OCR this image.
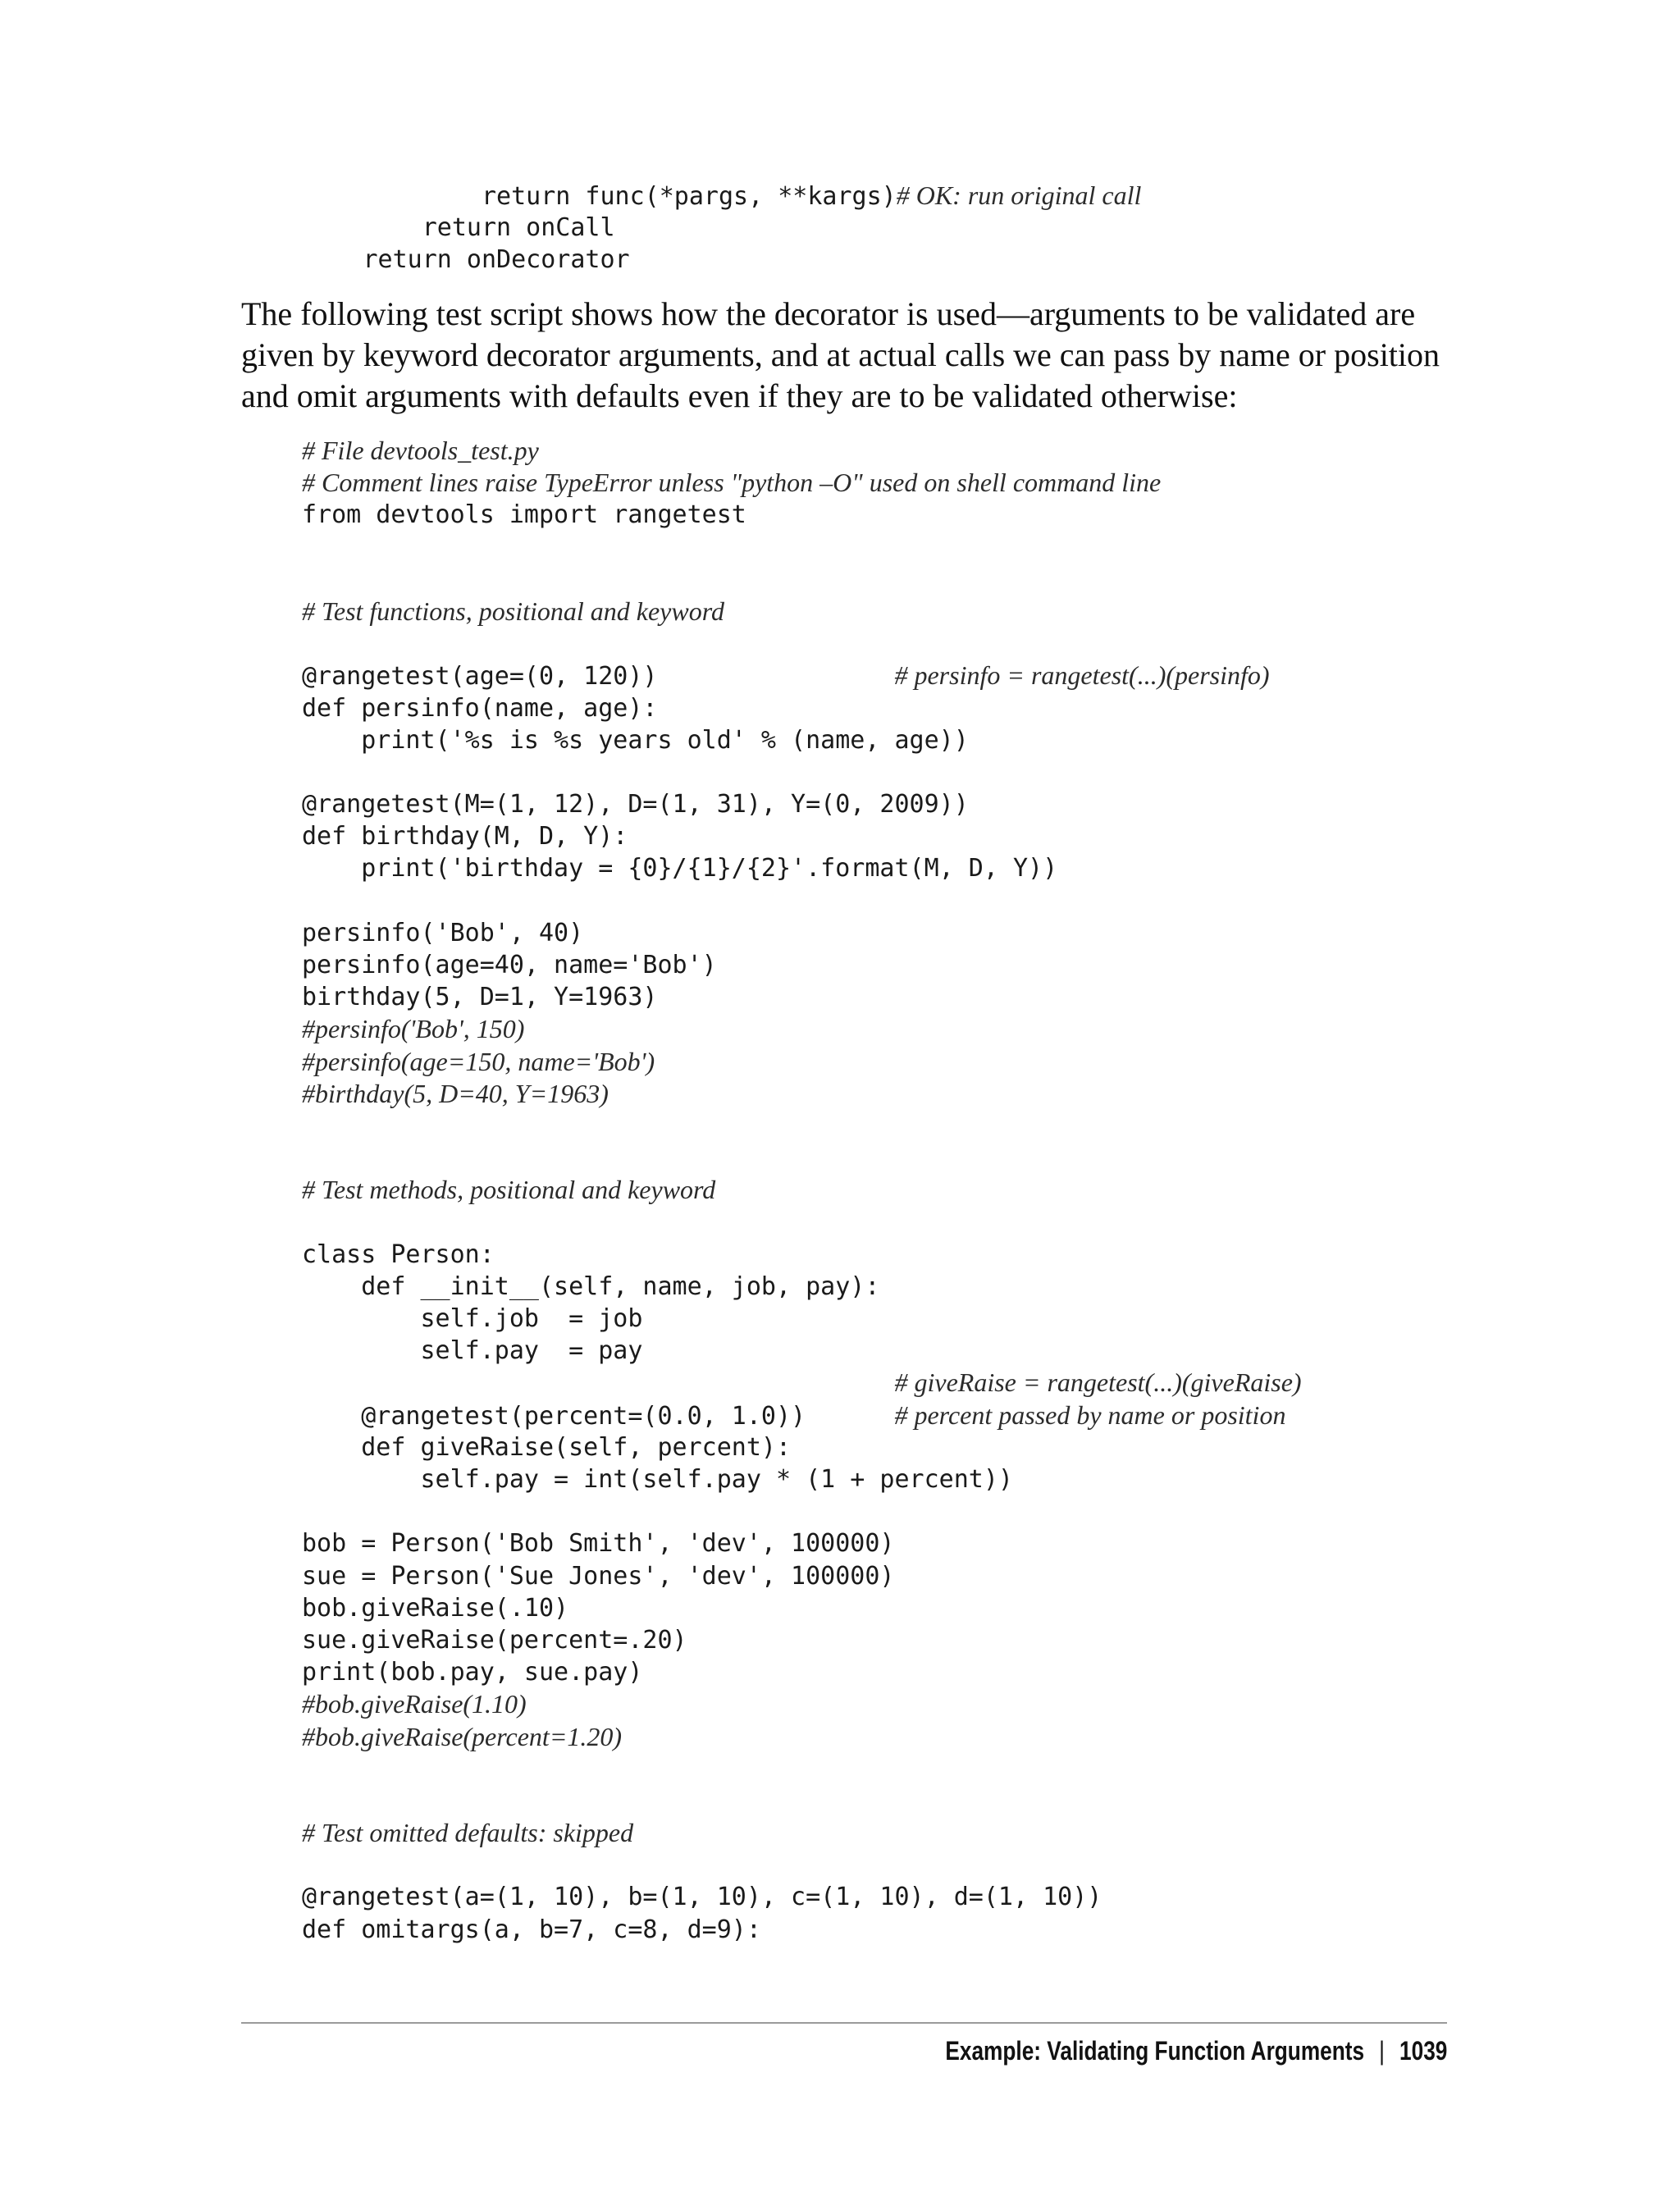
return func(*pargs, **kargs)# OK: run original call
return onCall
return onDecorator

The following test script shows how the decorator is used—arguments to be validated are given by keyword decorator arguments, and at actual calls we can pass by name or position and omit arguments with defaults even if they are to be validated otherwise:

# File devtools_test.py
# Comment lines raise TypeError unless "python –O" used on shell command line
from devtools import rangetest
# Test functions, positional and keyword
@rangetest(age=(0, 120))                # persinfo = rangetest(...)(persinfo)
def persinfo(name, age):
print('%s is %s years old' % (name, age))
@rangetest(M=(1, 12), D=(1, 31), Y=(0, 2009))
def birthday(M, D, Y):
print('birthday = {0}/{1}/{2}'.format(M, D, Y))
persinfo('Bob', 40)
persinfo(age=40, name='Bob')
birthday(5, D=1, Y=1963)
#persinfo('Bob', 150)
#persinfo(age=150, name='Bob')
#birthday(5, D=40, Y=1963)
# Test methods, positional and keyword
class Person:
def __init__(self, name, job, pay):
self.job  = job
self.pay  = pay
# giveRaise = rangetest(...)(giveRaise)
@rangetest(percent=(0.0, 1.0))      # percent passed by name or position
def giveRaise(self, percent):
self.pay = int(self.pay * (1 + percent))
bob = Person('Bob Smith', 'dev', 100000)
sue = Person('Sue Jones', 'dev', 100000)
bob.giveRaise(.10)
sue.giveRaise(percent=.20)
print(bob.pay, sue.pay)
#bob.giveRaise(1.10)
#bob.giveRaise(percent=1.20)
# Test omitted defaults: skipped
@rangetest(a=(1, 10), b=(1, 10), c=(1, 10), d=(1, 10))
def omitargs(a, b=7, c=8, d=9):
Example: Validating Function Arguments | 1039
